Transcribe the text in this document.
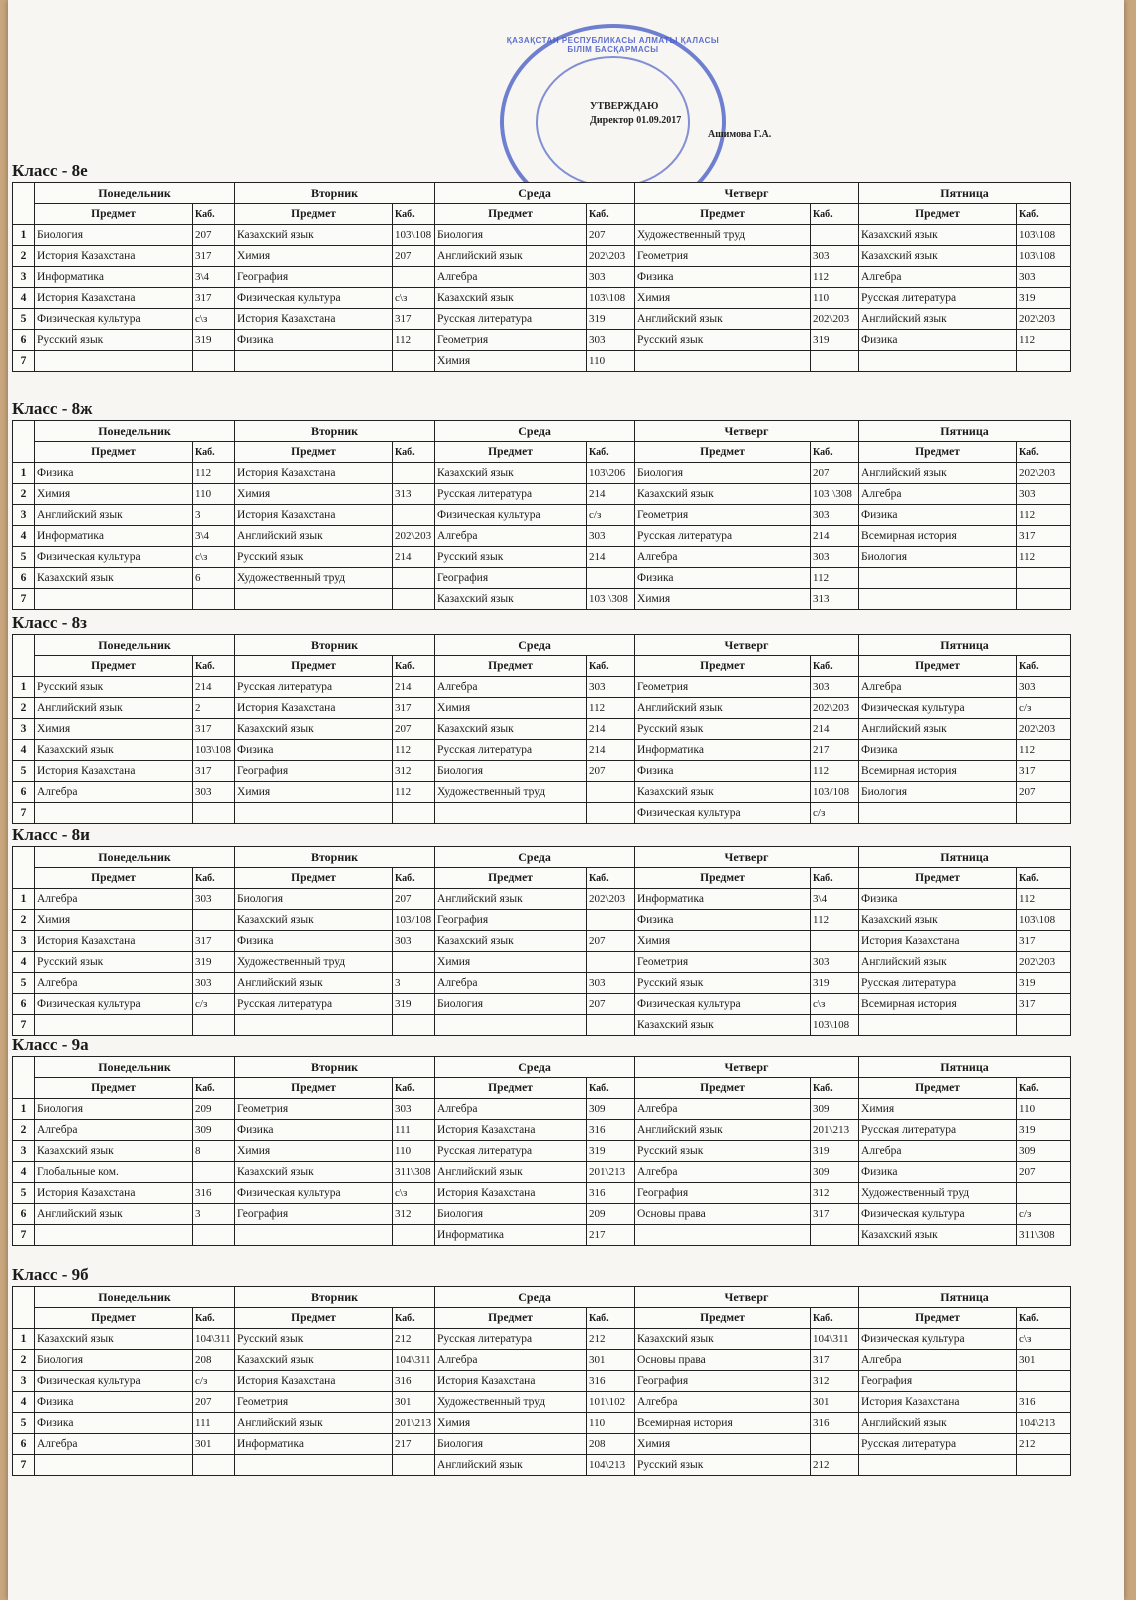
ҚАЗАҚСТАН РЕСПУБЛИКАСЫ АЛМАТЫ ҚАЛАСЫ БІЛІМ БАСҚАРМАСЫ
УТВЕРЖДАЮ
Директор 01.09.2017
Ашимова Г.А.
Класс - 8е
	Понедельник		Вторник		Среда		Четверг		Пятница	
	Предмет	Каб.	Предмет	Каб.	Предмет	Каб.	Предмет	Каб.	Предмет	Каб.
1	Биология	207	Казахский язык	103\108	Биология	207	Художественный труд		Казахский язык	103\108
2	История Казахстана	317	Химия	207	Английский язык	202\203	Геометрия	303	Казахский язык	103\108
3	Информатика	3\4	География		Алгебра	303	Физика	112	Алгебра	303
4	История Казахстана	317	Физическая культура	с\з	Казахский язык	103\108	Химия	110	Русская литература	319
5	Физическая культура	с\з	История Казахстана	317	Русская литература	319	Английский язык	202\203	Английский язык	202\203
6	Русский язык	319	Физика	112	Геометрия	303	Русский язык	319	Физика	112
7					Химия	110				
Класс - 8ж
	Понедельник		Вторник		Среда		Четверг		Пятница	
	Предмет	Каб.	Предмет	Каб.	Предмет	Каб.	Предмет	Каб.	Предмет	Каб.
1	Физика	112	История Казахстана		Казахский язык	103\206	Биология	207	Английский язык	202\203
2	Химия	110	Химия	313	Русская литература	214	Казахский язык	103 \308	Алгебра	303
3	Английский язык	3	История Казахстана		Физическая культура	с/з	Геометрия	303	Физика	112
4	Информатика	3\4	Английский язык	202\203	Алгебра	303	Русская литература	214	Всемирная история	317
5	Физическая культура	с\з	Русский язык	214	Русский язык	214	Алгебра	303	Биология	112
6	Казахский язык	6	Художественный труд		География		Физика	112		
7					Казахский язык	103 \308	Химия	313		
Класс - 8з
	Понедельник		Вторник		Среда		Четверг		Пятница	
	Предмет	Каб.	Предмет	Каб.	Предмет	Каб.	Предмет	Каб.	Предмет	Каб.
1	Русский язык	214	Русская литература	214	Алгебра	303	Геометрия	303	Алгебра	303
2	Английский язык	2	История Казахстана	317	Химия	112	Английский язык	202\203	Физическая культура	с/з
3	Химия	317	Казахский язык	207	Казахский язык	214	Русский язык	214	Английский язык	202\203
4	Казахский язык	103\108	Физика	112	Русская литература	214	Информатика	217	Физика	112
5	История Казахстана	317	География	312	Биология	207	Физика	112	Всемирная история	317
6	Алгебра	303	Химия	112	Художественный труд		Казахский язык	103/108	Биология	207
7							Физическая культура	с/з		
Класс - 8и
	Понедельник		Вторник		Среда		Четверг		Пятница	
	Предмет	Каб.	Предмет	Каб.	Предмет	Каб.	Предмет	Каб.	Предмет	Каб.
1	Алгебра	303	Биология	207	Английский язык	202\203	Информатика	3\4	Физика	112
2	Химия		Казахский язык	103/108	География		Физика	112	Казахский язык	103\108
3	История Казахстана	317	Физика	303	Казахский язык	207	Химия		История Казахстана	317
4	Русский язык	319	Художественный труд		Химия		Геометрия	303	Английский язык	202\203
5	Алгебра	303	Английский язык	3	Алгебра	303	Русский язык	319	Русская литература	319
6	Физическая культура	с/з	Русская литература	319	Биология	207	Физическая культура	с\з	Всемирная история	317
7							Казахский язык	103\108		
Класс - 9а
	Понедельник		Вторник		Среда		Четверг		Пятница	
	Предмет	Каб.	Предмет	Каб.	Предмет	Каб.	Предмет	Каб.	Предмет	Каб.
1	Биология	209	Геометрия	303	Алгебра	309	Алгебра	309	Химия	110
2	Алгебра	309	Физика	111	История Казахстана	316	Английский язык	201\213	Русская литература	319
3	Казахский язык	8	Химия	110	Русская литература	319	Русский язык	319	Алгебра	309
4	Глобальные ком.		Казахский язык	311\308	Английский язык	201\213	Алгебра	309	Физика	207
5	История Казахстана	316	Физическая культура	с\з	История Казахстана	316	География	312	Художественный труд	
6	Английский язык	3	География	312	Биология	209	Основы права	317	Физическая культура	с/з
7					Информатика	217			Казахский язык	311\308
Класс - 9б
	Понедельник		Вторник		Среда		Четверг		Пятница	
	Предмет	Каб.	Предмет	Каб.	Предмет	Каб.	Предмет	Каб.	Предмет	Каб.
1	Казахский язык	104\311	Русский язык	212	Русская литература	212	Казахский язык	104\311	Физическая культура	с\з
2	Биология	208	Казахский язык	104\311	Алгебра	301	Основы права	317	Алгебра	301
3	Физическая культура	с/з	История Казахстана	316	История Казахстана	316	География	312	География	
4	Физика	207	Геометрия	301	Художественный труд	101\102	Алгебра	301	История Казахстана	316
5	Физика	111	Английский язык	201\213	Химия	110	Всемирная история	316	Английский язык	104\213
6	Алгебра	301	Информатика	217	Биология	208	Химия		Русская литература	212
7					Английский язык	104\213	Русский язык	212		
